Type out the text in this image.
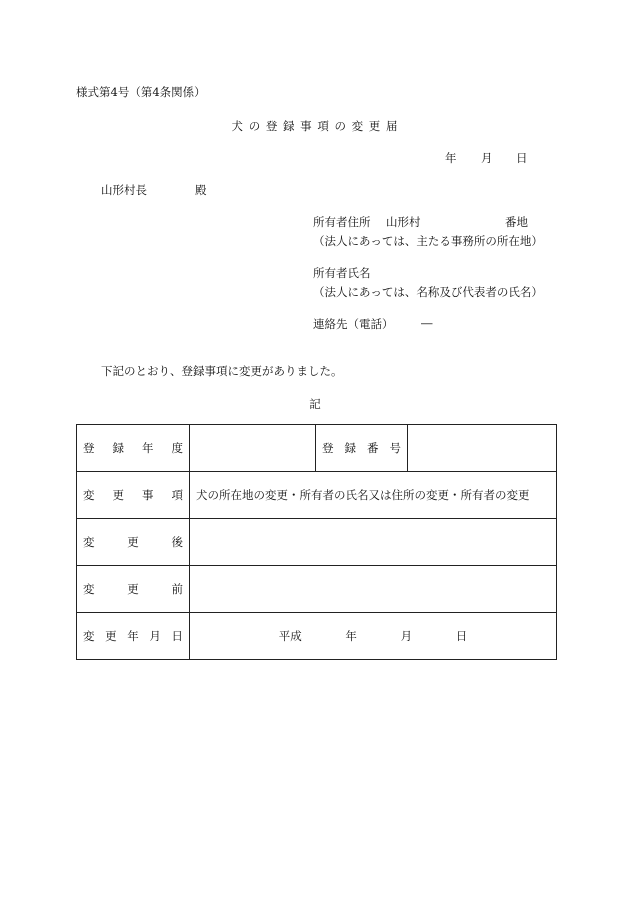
様式第4号（第4条関係）
犬 の 登 録 事 項 の 変 更 届
年 月 日
山形村長	殿
所有者住所 山形村	番地
（法人にあっては、主たる事務所の所在地）
所有者氏名
（法人にあっては、名称及び代表者の氏名）
連絡先（電話） ―
下記のとおり、登録事項に変更がありました。
記
登 録 年 度		登 録 番 号	

変 更 事 項	犬の所在地の変更・所有者の氏名又は住所の変更・所有者の変更		

変 更 後			

変 更 前			

変 更 年 月 日	平成 年 月 日		
